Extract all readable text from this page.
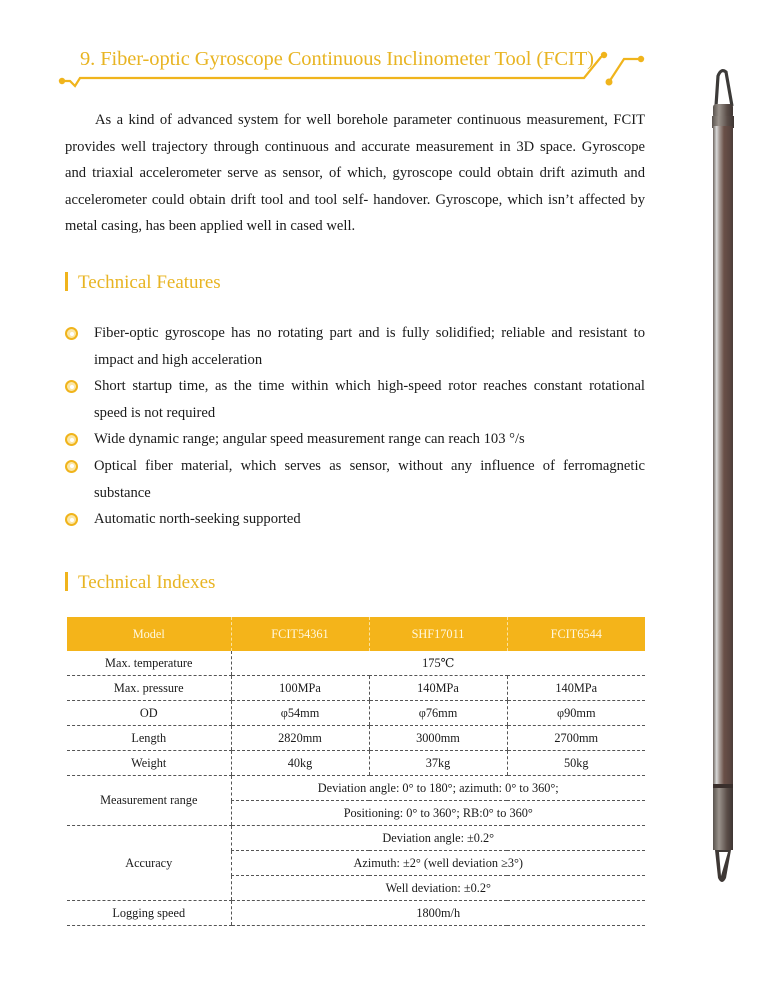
9. Fiber-optic Gyroscope Continuous Inclinometer Tool (FCIT)
As a kind of advanced system for well borehole parameter continuous measurement, FCIT provides well trajectory through continuous and accurate measurement in 3D space. Gyroscope and triaxial accelerometer serve as sensor, of which, gyroscope could obtain drift azimuth and accelerometer could obtain drift tool and tool self- handover. Gyroscope, which isn’t affected by metal casing, has been applied well in cased well.
Technical Features
Fiber-optic gyroscope has no rotating part and is fully solidified; reliable and resistant to impact and high acceleration
Short startup time, as the time within which high-speed rotor reaches constant rotational speed is not required
Wide dynamic range; angular speed measurement range can reach 103 °/s
Optical fiber material, which serves as sensor, without any influence of ferromagnetic substance
Automatic north-seeking supported
Technical Indexes
Model	FCIT54361	SHF17011	FCIT6544
Max. temperature	175℃		
Max. pressure	100MPa	140MPa	140MPa
OD	φ54mm	φ76mm	φ90mm
Length	2820mm	3000mm	2700mm
Weight	40kg	37kg	50kg
Measurement range	Deviation angle: 0° to 180°; azimuth: 0° to 360°;		
	Positioning: 0° to 360°; RB:0° to 360°		
Accuracy	Deviation angle: ±0.2°		
	Azimuth: ±2° (well deviation ≥3°)		
	Well deviation: ±0.2°		
Logging speed	1800m/h		
